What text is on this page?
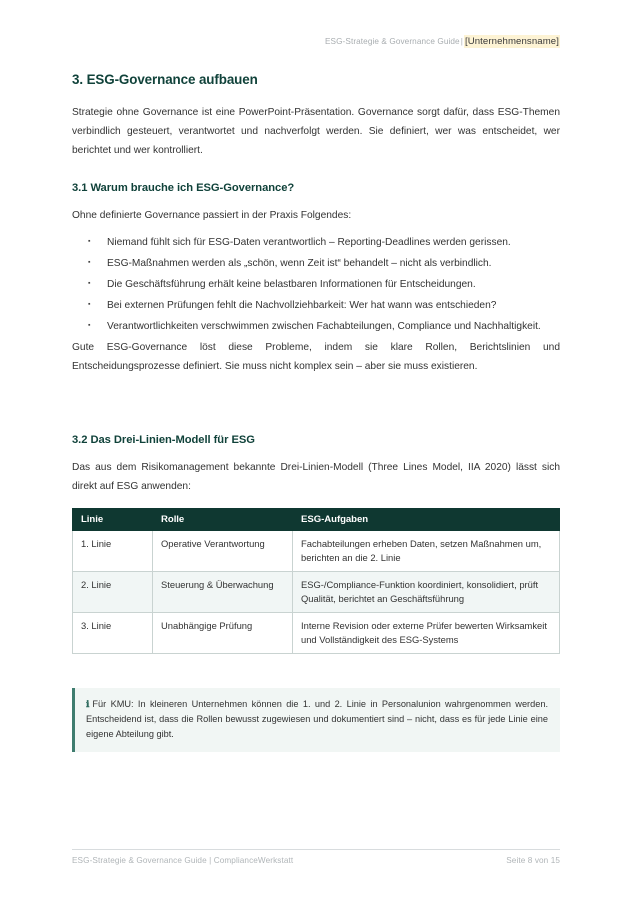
ESG-Strategie & Governance Guide| [Unternehmensname]
3. ESG-Governance aufbauen

Strategie ohne Governance ist eine PowerPoint-Präsentation. Governance sorgt dafür, dass ESG-Themen verbindlich gesteuert, verantwortet und nachverfolgt werden. Sie definiert, wer was entscheidet, wer berichtet und wer kontrolliert.

3.1 Warum brauche ich ESG-Governance?

Ohne definierte Governance passiert in der Praxis Folgendes:

▪ Niemand fühlt sich für ESG-Daten verantwortlich – Reporting-Deadlines werden gerissen.
▪ ESG-Maßnahmen werden als „schön, wenn Zeit ist“ behandelt – nicht als verbindlich.
▪ Die Geschäftsführung erhält keine belastbaren Informationen für Entscheidungen.
▪ Bei externen Prüfungen fehlt die Nachvollziehbarkeit: Wer hat wann was entschieden?
▪ Verantwortlichkeiten verschwimmen zwischen Fachabteilungen, Compliance und Nachhaltigkeit.

Gute ESG-Governance löst diese Probleme, indem sie klare Rollen, Berichtslinien und Entscheidungsprozesse definiert. Sie muss nicht komplex sein – aber sie muss existieren.

3.2 Das Drei-Linien-Modell für ESG

Das aus dem Risikomanagement bekannte Drei-Linien-Modell (Three Lines Model, IIA 2020) lässt sich direkt auf ESG anwenden:

Linie	Rolle	ESG-Aufgaben
1. Linie	Operative Verantwortung	Fachabteilungen erheben Daten, setzen Maßnahmen um, berichten an die 2. Linie
2. Linie	Steuerung & Überwachung	ESG-/Compliance-Funktion koordiniert, konsolidiert, prüft Qualität, berichtet an Geschäftsführung
3. Linie	Unabhängige Prüfung	Interne Revision oder externe Prüfer bewerten Wirksamkeit und Vollständigkeit des ESG-Systems

ℹ Für KMU: In kleineren Unternehmen können die 1. und 2. Linie in Personalunion wahrgenommen werden. Entscheidend ist, dass die Rollen bewusst zugewiesen und dokumentiert sind – nicht, dass es für jede Linie eine eigene Abteilung gibt.

ESG-Strategie & Governance Guide | ComplianceWerkstatt	Seite 8 von 15
